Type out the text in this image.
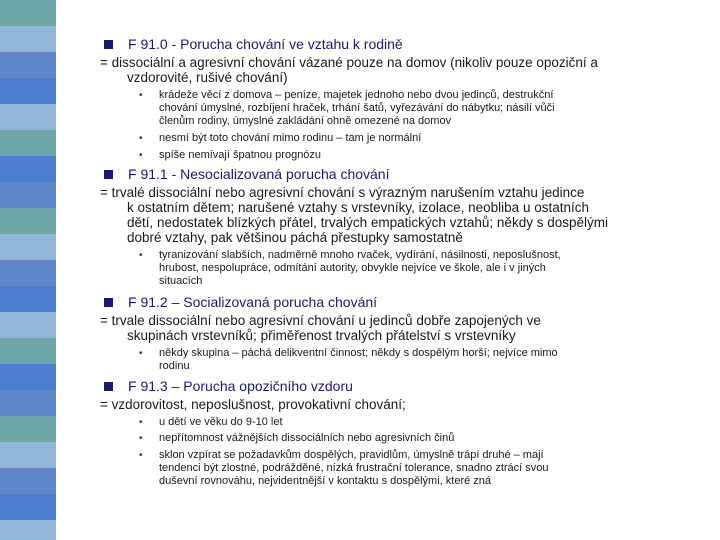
F 91.0 - Porucha chování ve vztahu k rodině
= dissociální a agresivní chování vázané pouze na domov (nikoliv pouze opoziční a
vzdorovité, rušivé chování)
• krádeže věcí z domova – peníze, majetek jednoho nebo dvou jedinců, destrukční
chování úmyslné, rozbíjení hraček, trhání šatů, vyřezávání do nábytku; násilí vůči
členům rodiny, úmyslné zakládání ohně omezené na domov
• nesmí být toto chování mimo rodinu – tam je normální
• spíše nemívají špatnou prognózu
F 91.1 - Nesocializovaná porucha chování
= trvalé dissociální nebo agresivní chování s výrazným narušením vztahu jedince
k ostatním dětem; narušené vztahy s vrstevníky, izolace, neobliba u ostatních
dětí, nedostatek blízkých přátel, trvalých empatických vztahů; někdy s dospělými
dobré vztahy, pak většinou páchá přestupky samostatně
• tyranizování slabších, nadměrně mnoho rvaček, vydírání, násilnosti, neposlušnost,
hrubost, nespolupráce, odmítání autority, obvykle nejvíce ve škole, ale i v jiných
situacích
F 91.2 – Socializovaná porucha chování
= trvale dissociální nebo agresivní chování u jedinců dobře zapojených ve
skupinách vrstevníků; přiměřenost trvalých přátelství s vrstevníky
• někdy skupina – páchá delikventní činnost; někdy s dospělým horší; nejvíce mimo
rodinu
F 91.3 – Porucha opozičního vzdoru
= vzdorovitost, neposlušnost, provokativní chování;
• u dětí ve věku do 9-10 let
• nepřítomnost vážnějších dissociálních nebo agresivních činů
• sklon vzpírat se požadavkům dospělých, pravidlům, úmyslně trápí druhé – mají
tendenci být zlostné, podrážděné, nízká frustrační tolerance, snadno ztrácí svou
duševní rovnováhu, nejvidentnější v kontaktu s dospělými, které zná
